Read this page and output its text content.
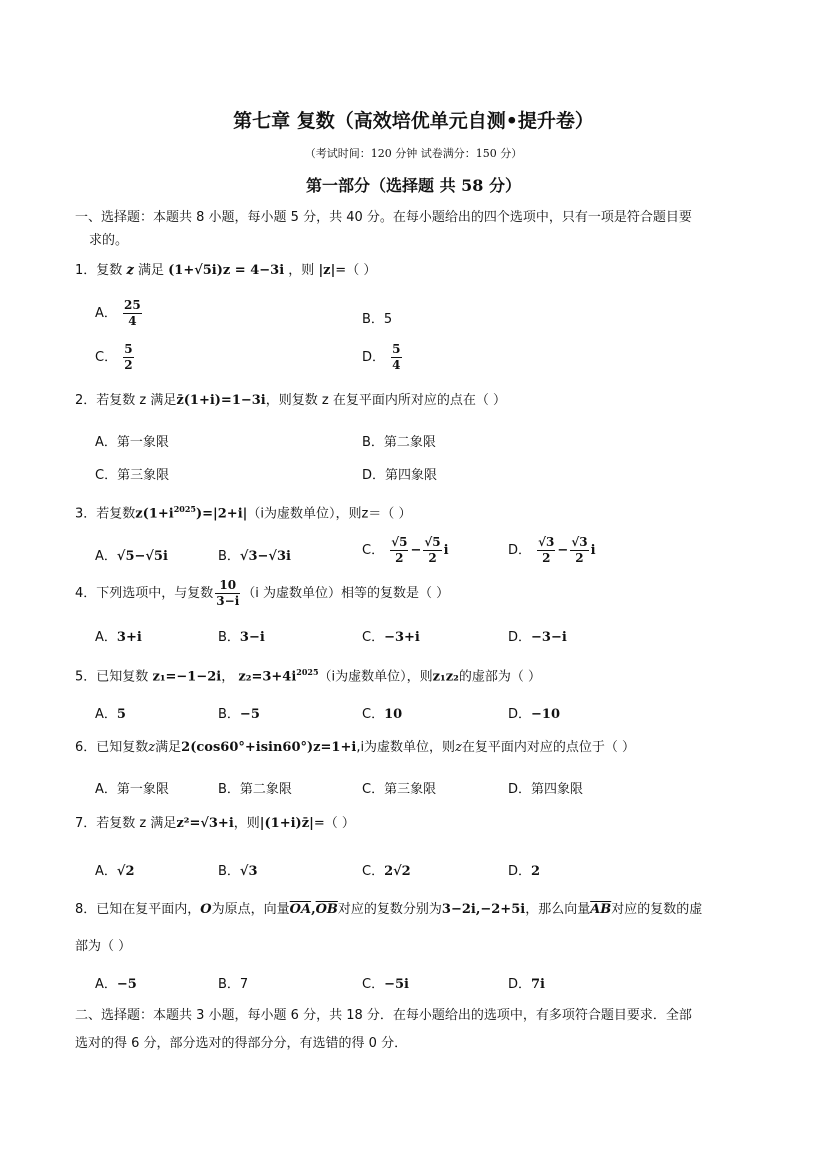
第七章 复数（高效培优单元自测•提升卷）
（考试时间：120 分钟 试卷满分：150 分）
第一部分（选择题 共 58 分）
一、选择题：本题共 8 小题，每小题 5 分，共 40 分。在每小题给出的四个选项中，只有一项是符合题目要
求的。
1．复数 z 满足 (1+√5i)z = 4−3i ，则 |z|=（ ）
A． $\frac{25}{4}$	B．5
C． $\frac{5}{2}$	D． $\frac{5}{4}$
2．若复数 z 满足z̄(1+i)=1−3i，则复数 z 在复平面内所对应的点在（ ）
A．第一象限	B．第二象限
C．第三象限	D．第四象限
3．若复数$z(1+i^{2025})=|2+i|(i$为虚数单位），则z＝（ ）
A．√5−√5i	B．√3−√3i	C． $\frac{√5}{2} - \frac{√5}{2}$ i	D． $\frac{√3}{2} - \frac{√3}{2}$ i
4．下列选项中，与复数 $\frac{10}{3-i} (i$ 为虚数单位）相等的复数是（ ）
A．3+i	B．3−i	C．−3+i	D．−3−i
5．已知复数 z₁=−1−2i， $z_2=3+4i^{2025}(i$为虚数单位），则z₁z₂的虚部为（ ）
A．5	B．−5	C．10	D．−10
6．已知复数z满足2(cos60°+isin60°)z=1+i,i为虚数单位，则z在复平面内对应的点位于（ ）
A．第一象限	B．第二象限	C．第三象限	D．第四象限
7．若复数 z 满足z²=√3+i，则|(1+i)z̄|=（ ）
A．√2	B．√3	C．2√2	D．2
8．已知在复平面内，O为原点，向量$\overline{OA},\overline{OB}$对应的复数分别为3−2i,−2+5i，那么向量$\overline{AB}$对应的复数的虚
部为（ ）
A．−5	B．7	C．−5i	D．7i
二、选择题：本题共 3 小题，每小题 6 分，共 18 分．在每小题给出的选项中，有多项符合题目要求．全部
选对的得 6 分，部分选对的得部分分，有选错的得 0 分．
